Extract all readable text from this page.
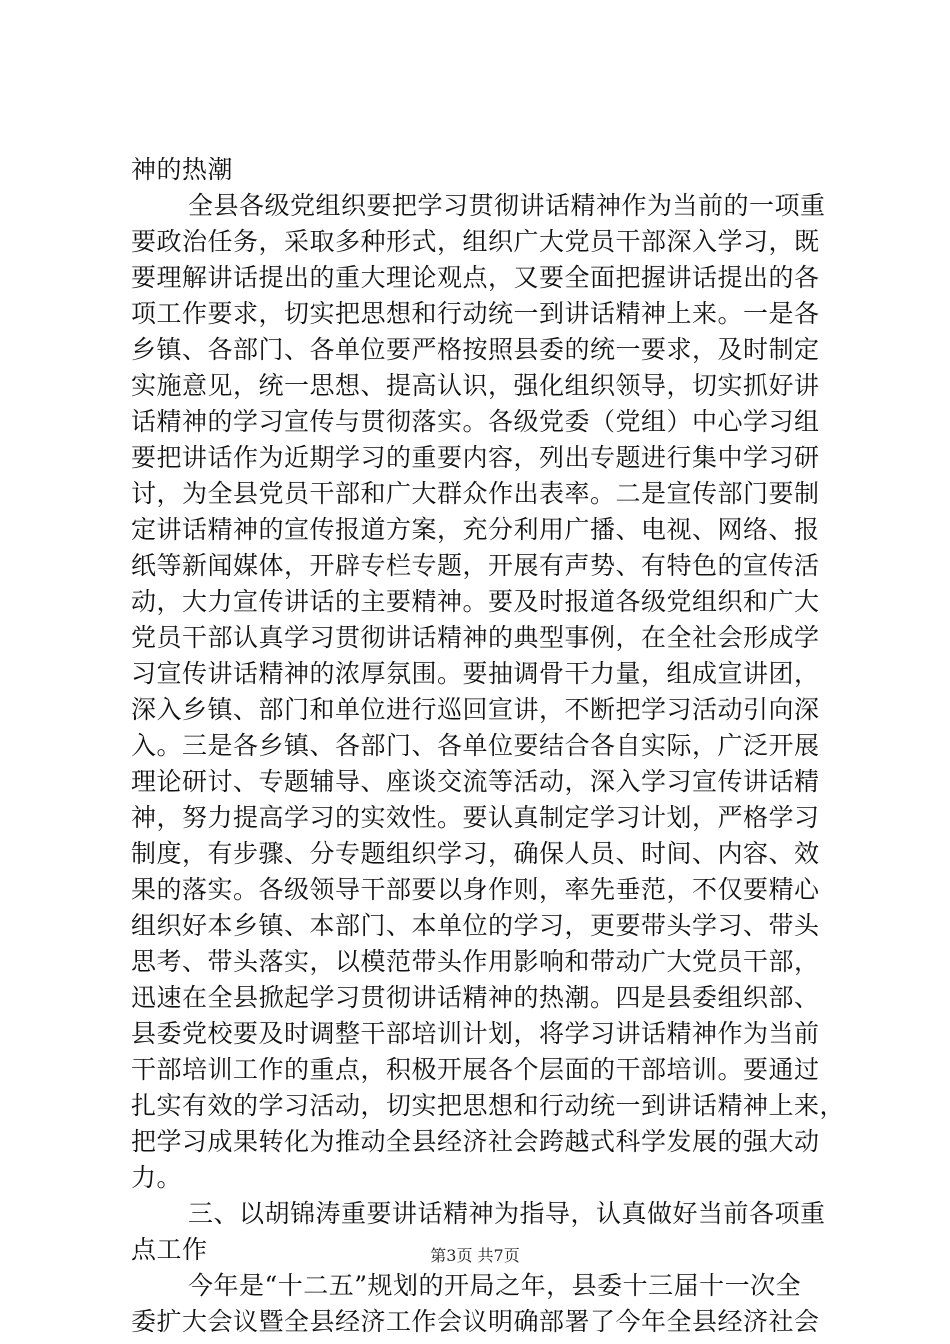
神的热潮
全县各级党组织要把学习贯彻讲话精神作为当前的一项重
要政治任务，采取多种形式，组织广大党员干部深入学习，既
要理解讲话提出的重大理论观点，又要全面把握讲话提出的各
项工作要求，切实把思想和行动统一到讲话精神上来。一是各
乡镇、各部门、各单位要严格按照县委的统一要求，及时制定
实施意见，统一思想、提高认识，强化组织领导，切实抓好讲
话精神的学习宣传与贯彻落实。各级党委（党组）中心学习组
要把讲话作为近期学习的重要内容，列出专题进行集中学习研
讨，为全县党员干部和广大群众作出表率。二是宣传部门要制
定讲话精神的宣传报道方案，充分利用广播、电视、网络、报
纸等新闻媒体，开辟专栏专题，开展有声势、有特色的宣传活
动，大力宣传讲话的主要精神。要及时报道各级党组织和广大
党员干部认真学习贯彻讲话精神的典型事例，在全社会形成学
习宣传讲话精神的浓厚氛围。要抽调骨干力量，组成宣讲团，
深入乡镇、部门和单位进行巡回宣讲，不断把学习活动引向深
入。三是各乡镇、各部门、各单位要结合各自实际，广泛开展
理论研讨、专题辅导、座谈交流等活动，深入学习宣传讲话精
神，努力提高学习的实效性。要认真制定学习计划，严格学习
制度，有步骤、分专题组织学习，确保人员、时间、内容、效
果的落实。各级领导干部要以身作则，率先垂范，不仅要精心
组织好本乡镇、本部门、本单位的学习，更要带头学习、带头
思考、带头落实，以模范带头作用影响和带动广大党员干部，
迅速在全县掀起学习贯彻讲话精神的热潮。四是县委组织部、
县委党校要及时调整干部培训计划，将学习讲话精神作为当前
干部培训工作的重点，积极开展各个层面的干部培训。要通过
扎实有效的学习活动，切实把思想和行动统一到讲话精神上来，
把学习成果转化为推动全县经济社会跨越式科学发展的强大动
力。
三、以胡锦涛重要讲话精神为指导，认真做好当前各项重
点工作
今年是“十二五”规划的开局之年，县委十三届十一次全
委扩大会议暨全县经济工作会议明确部署了今年全县经济社会
第3页 共7页
